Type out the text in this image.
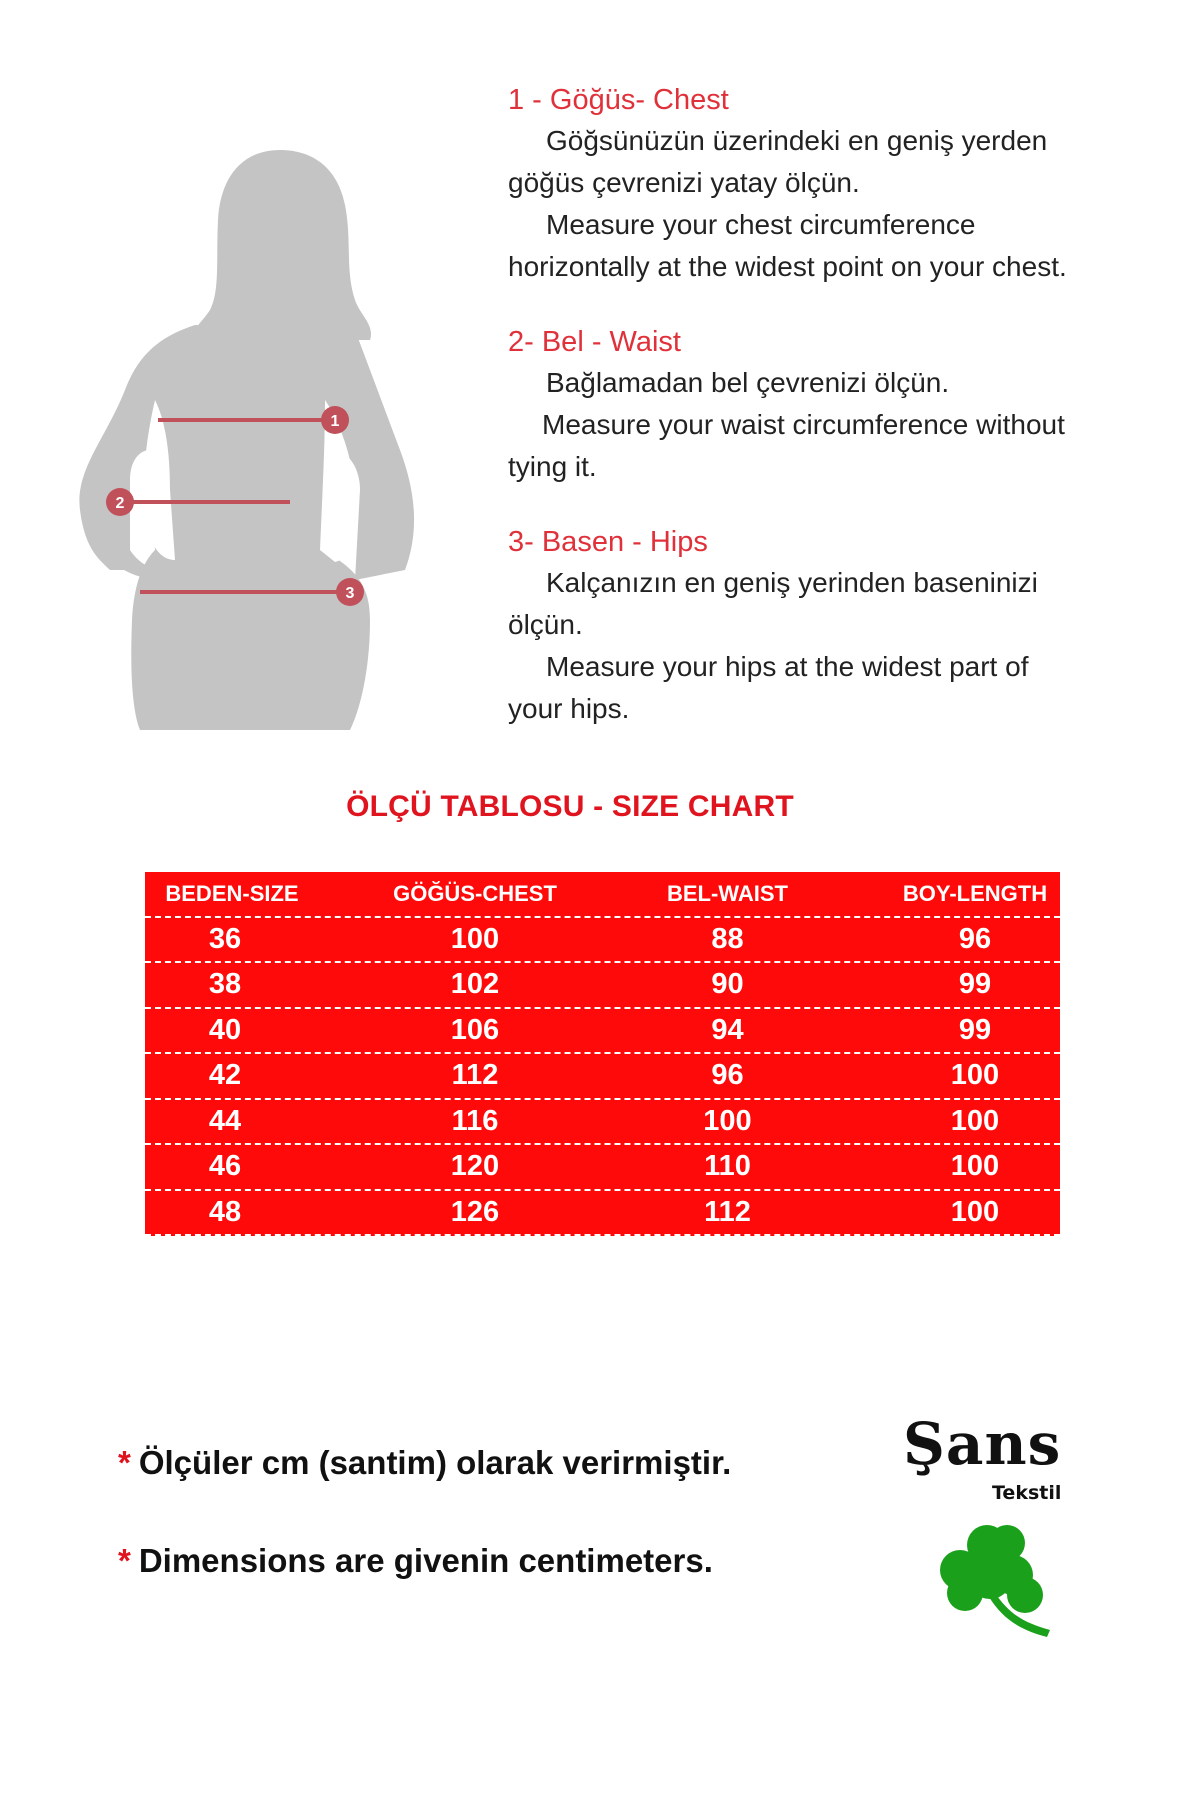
1
2
3
1 - Göğüs- Chest
Göğsünüzün üzerindeki en geniş yerden
göğüs çevrenizi yatay ölçün.
Measure your chest circumference
horizontally at the widest point on your chest.
2- Bel - Waist
Bağlamadan bel çevrenizi ölçün.
Measure your waist circumference without
tying it.
3- Basen - Hips
Kalçanızın en geniş yerinden baseninizi
ölçün.
Measure your hips at the widest part of
your hips.
ÖLÇÜ TABLOSU - SIZE CHART
BEDEN-SIZE	GÖĞÜS-CHEST	BEL-WAIST	BOY-LENGTH
36	100	88	96
38	102	90	99
40	106	94	99
42	112	96	100
44	116	100	100
46	120	110	100
48	126	112	100
* Ölçüler cm (santim) olarak verirmiştir.
* Dimensions are givenin centimeters.
Şans
Tekstil
